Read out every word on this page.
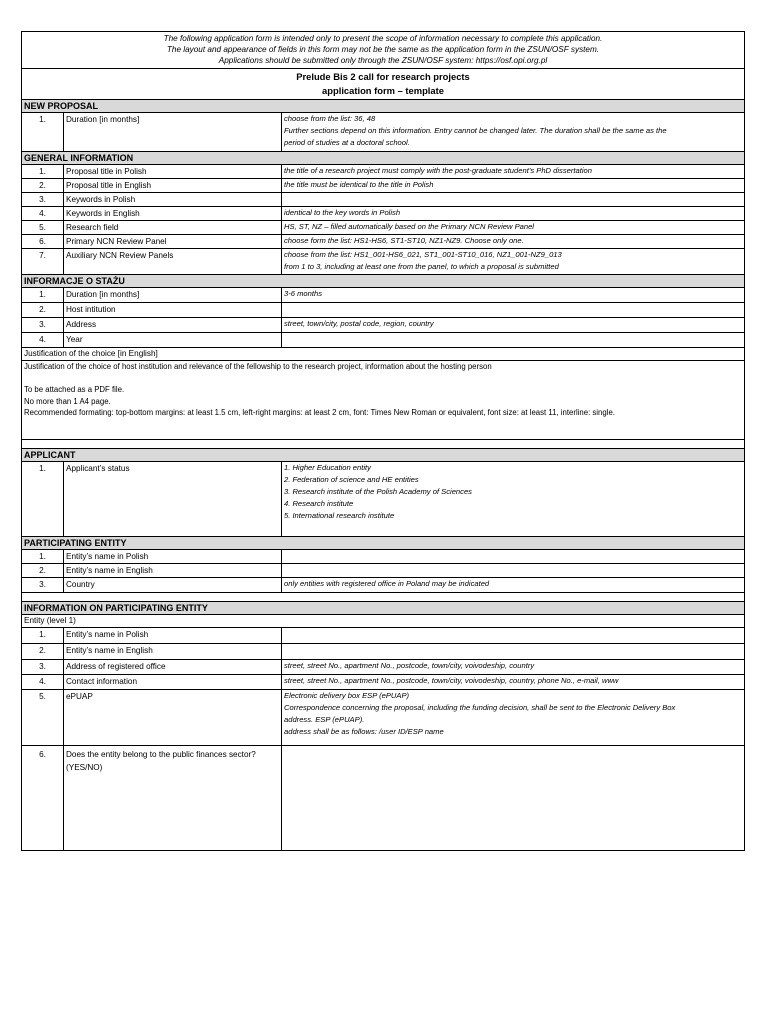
The following application form is intended only to present the scope of information necessary to complete this application.
The layout and appearance of fields in this form may not be the same as the application form in the ZSUN/OSF system.
Applications should be submitted only through the ZSUN/OSF system: https://osf.opi.org.pl
Prelude Bis 2 call for research projects
application form – template
NEW PROPOSAL
1.	Duration [in months]	choose from the list: 36, 48
Further sections depend on this information. Entry cannot be changed later. The duration shall be the same as the
period of studies at a doctoral school.
GENERAL INFORMATION
1.	Proposal title in Polish	the title of a research project must comply with the post-graduate student’s PhD dissertation
2.	Proposal title in English	the title must be identical to the title in Polish
3.	Keywords in Polish
4.	Keywords in English	identical to the key words in Polish
5.	Research field	HS, ST, NZ – filled automatically based on the Primary NCN Review Panel
6.	Primary NCN Review Panel	choose form the list: HS1-HS6, ST1-ST10, NZ1-NZ9. Choose only one.
7.	Auxiliary NCN Review Panels	choose from the list: HS1_001-HS6_021, ST1_001-ST10_016, NZ1_001-NZ9_013
from 1 to 3, including at least one from the panel, to which a proposal is submitted
INFORMACJE O STAŻU
1.	Duration [in months]	3-6 months
2.	Host intitution
3.	Address	street, town/city, postal code, region, country
4.	Year
Justification of the choice [in English]
Justification of the choice of host institution and relevance of the fellowship to the research project, information about the hosting person

To be attached as a PDF file.
No more than 1 A4 page.
Recommended formating: top-bottom margins: at least 1.5 cm, left-right margins: at least 2 cm, font: Times New Roman or equivalent, font size: at least 11, interline: single.
APPLICANT
1.	Applicant’s status	1. Higher Education entity
2. Federation of science and HE entities
3. Research institute of the Polish Academy of Sciences
4. Research institute
5. International research institute
PARTICIPATING ENTITY
1.	Entity’s name in Polish
2.	Entity’s name in English
3.	Country	only entities with registered office in Poland may be indicated
INFORMATION ON PARTICIPATING ENTITY
Entity (level 1)
1.	Entity’s name in Polish
2.	Entity’s name in English
3.	Address of registered office	street, street No., apartment No., postcode, town/city, voivodeship, country
4.	Contact information	street, street No., apartment No., postcode, town/city, voivodeship, country, phone No., e-mail, www
5.	ePUAP	Electronic delivery box ESP (ePUAP)
Correspondence concerning the proposal, including the funding decision, shall be sent to the Electronic Delivery Box
address. ESP (ePUAP).
address shall be as follows: /user ID/ESP name
6.	Does the entity belong to the public finances sector? (YES/NO)
